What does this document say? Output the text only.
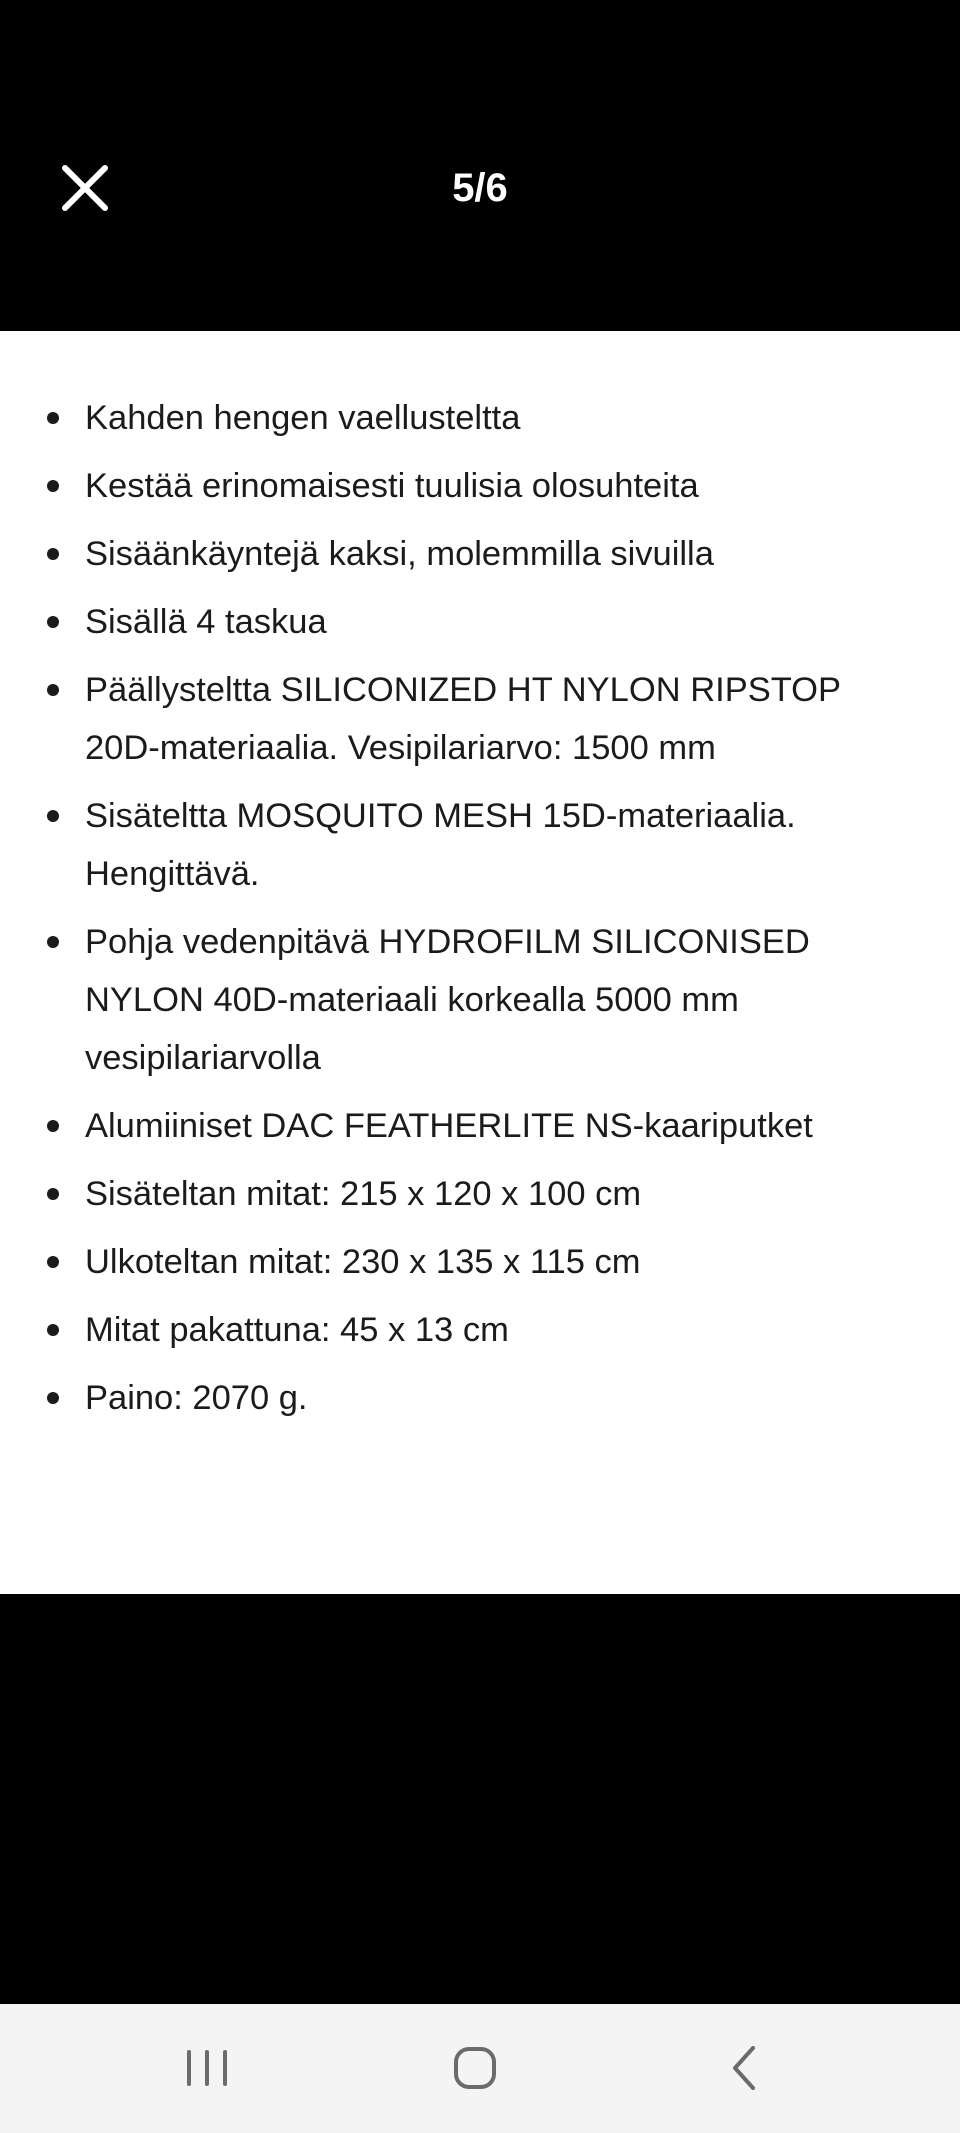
5/6
Kahden hengen vaellusteltta
Kestää erinomaisesti tuulisia olosuhteita
Sisäänkäyntejä kaksi, molemmilla sivuilla
Sisällä 4 taskua
Päällysteltta SILICONIZED HT NYLON RIPSTOP 20D-materiaalia. Vesipilariarvo: 1500 mm
Sisäteltta MOSQUITO MESH 15D-materiaalia. Hengittävä.
Pohja vedenpitävä HYDROFILM SILICONISED NYLON 40D-materiaali korkealla 5000 mm vesipilariarvolla
Alumiiniset DAC FEATHERLITE NS-kaariputket
Sisäteltan mitat: 215 x 120 x 100 cm
Ulkoteltan mitat: 230 x 135 x 115 cm
Mitat pakattuna: 45 x 13 cm
Paino: 2070 g.
